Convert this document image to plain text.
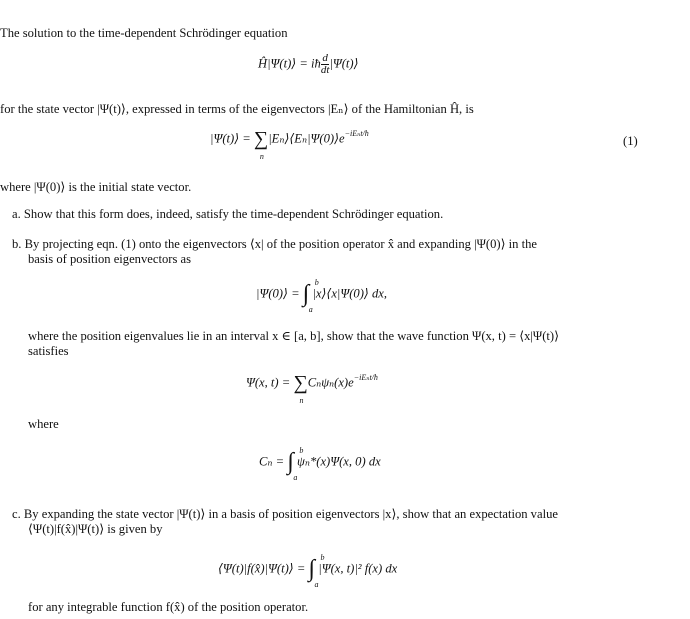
The solution to the time-dependent Schrödinger equation
Ĥ|Ψ(t)⟩ = iħ $\frac{d}{dt}$ |Ψ(t)⟩
for the state vector |Ψ(t)⟩, expressed in terms of the eigenvectors |Eₙ⟩ of the Hamiltonian Ĥ, is
|Ψ(t)⟩ = ∑
n
$|E_n⟩⟨E_n|\Psi(0)⟩e^{-iE_nt/ħ}$
(1)
where |Ψ(0)⟩ is the initial state vector.
a. Show that this form does, indeed, satisfy the time-dependent Schrödinger equation.
b. By projecting eqn. (1) onto the eigenvectors ⟨x| of the position operator x̂ and expanding |Ψ(0)⟩ in the
basis of position eigenvectors as
|Ψ(0)⟩ = ∫ b
a
|x⟩⟨x|Ψ(0)⟩ dx,
where the position eigenvalues lie in an interval x ∈ [a, b], show that the wave function Ψ(x, t) = ⟨x|Ψ(t)⟩
satisfies
Ψ(x, t) = ∑
n
$C_n\psi_n(x)e^{-iE_nt/ħ}$
where
Cₙ = ∫ b
a
ψₙ*(x)Ψ(x, 0) dx
c. By expanding the state vector |Ψ(t)⟩ in a basis of position eigenvectors |x⟩, show that an expectation value
⟨Ψ(t)|f(x̂)|Ψ(t)⟩ is given by
⟨Ψ(t)|f(x̂)|Ψ(t)⟩ = ∫ b
a
|Ψ(x, t)|² f(x) dx
for any integrable function f(x̂) of the position operator.
